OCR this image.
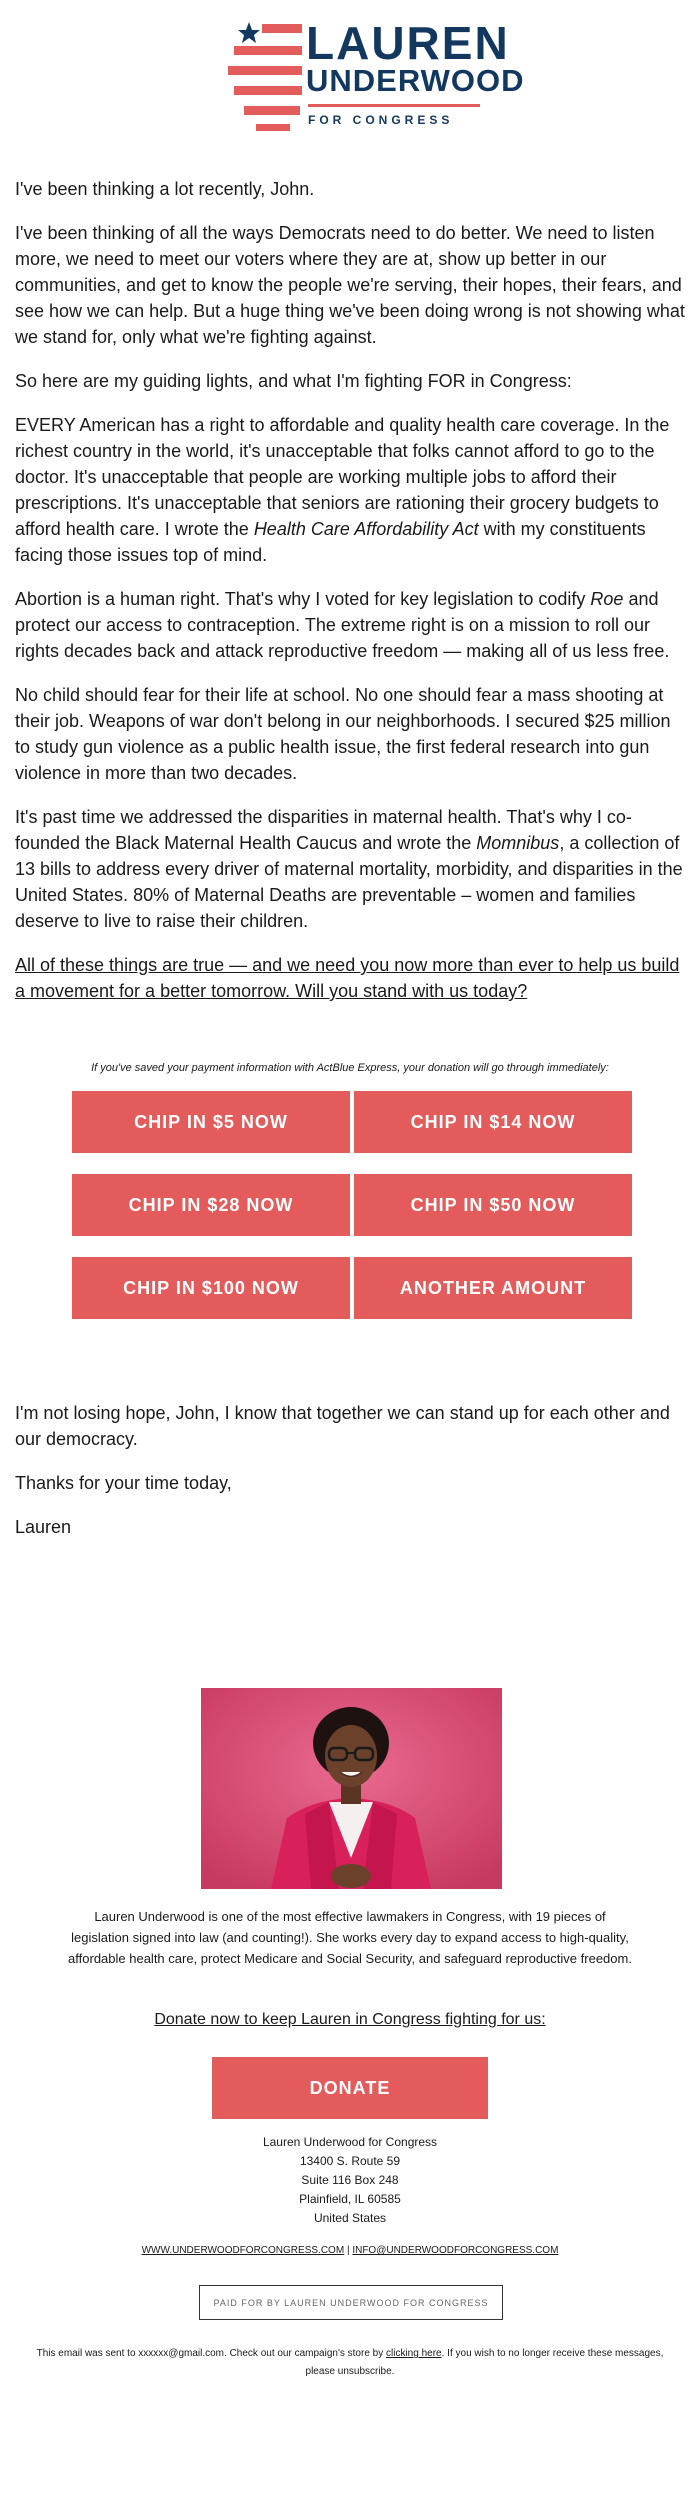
LAUREN
UNDERWOOD
FOR CONGRESS

I've been thinking a lot recently, John.

I've been thinking of all the ways Democrats need to do better. We need to listen more, we need to meet our voters where they are at, show up better in our communities, and get to know the people we're serving, their hopes, their fears, and see how we can help. But a huge thing we've been doing wrong is not showing what we stand for, only what we're fighting against.

So here are my guiding lights, and what I'm fighting FOR in Congress:

EVERY American has a right to affordable and quality health care coverage. In the richest country in the world, it's unacceptable that folks cannot afford to go to the doctor. It's unacceptable that people are working multiple jobs to afford their prescriptions. It's unacceptable that seniors are rationing their grocery budgets to afford health care. I wrote the Health Care Affordability Act with my constituents facing those issues top of mind.

Abortion is a human right. That's why I voted for key legislation to codify Roe and protect our access to contraception. The extreme right is on a mission to roll our rights decades back and attack reproductive freedom — making all of us less free.

No child should fear for their life at school. No one should fear a mass shooting at their job. Weapons of war don't belong in our neighborhoods. I secured $25 million to study gun violence as a public health issue, the first federal research into gun violence in more than two decades.

It's past time we addressed the disparities in maternal health. That's why I co-founded the Black Maternal Health Caucus and wrote the Momnibus, a collection of 13 bills to address every driver of maternal mortality, morbidity, and disparities in the United States. 80% of Maternal Deaths are preventable – women and families deserve to live to raise their children.

All of these things are true — and we need you now more than ever to help us build a movement for a better tomorrow. Will you stand with us today?

If you've saved your payment information with ActBlue Express, your donation will go through immediately:
CHIP IN $5 NOW	CHIP IN $14 NOW
CHIP IN $28 NOW	CHIP IN $50 NOW
CHIP IN $100 NOW	ANOTHER AMOUNT

I'm not losing hope, John, I know that together we can stand up for each other and our democracy.

Thanks for your time today,

Lauren

Lauren Underwood is one of the most effective lawmakers in Congress, with 19 pieces of legislation signed into law (and counting!). She works every day to expand access to high-quality, affordable health care, protect Medicare and Social Security, and safeguard reproductive freedom.
Donate now to keep Lauren in Congress fighting for us:
DONATE
Lauren Underwood for Congress
13400 S. Route 59
Suite 116 Box 248
Plainfield, IL 60585
United States
WWW.UNDERWOODFORCONGRESS.COM | INFO@UNDERWOODFORCONGRESS.COM
PAID FOR BY LAUREN UNDERWOOD FOR CONGRESS
This email was sent to xxxxxx@gmail.com. Check out our campaign's store by clicking here. If you wish to no longer receive these messages, please unsubscribe.
